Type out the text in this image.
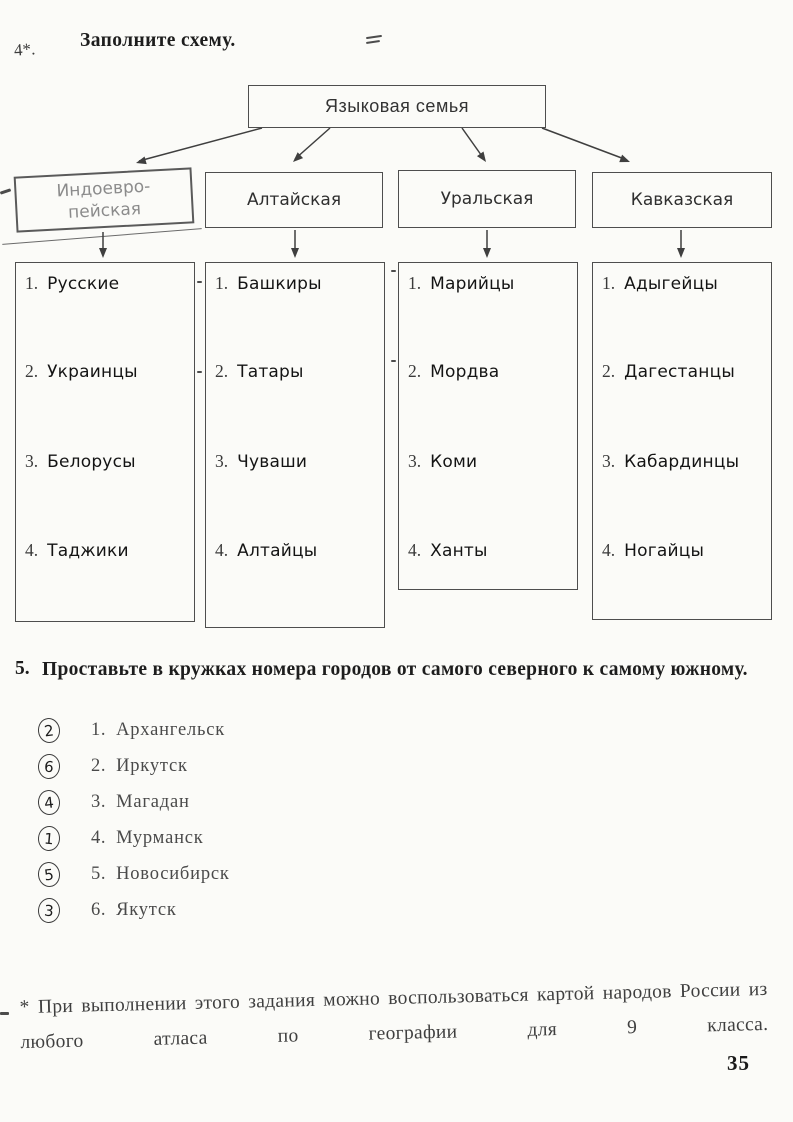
4*. Заполните схему.
Языковая семья
Индоевро-пейская	Алтайская	Уральская	Кавказская
1. Русские
2. Украинцы
3. Белорусы
4. Таджики
1. Башкиры
2. Татары
3. Чуваши
4. Алтайцы
1. Марийцы
2. Мордва
3. Коми
4. Ханты
1. Адыгейцы
2. Дагестанцы
3. Кабардинцы
4. Ногайцы
5. Проставьте в кружках номера городов от самого северного к самому южному.
2	1. Архангельск
6	2. Иркутск
4	3. Магадан
1	4. Мурманск
5	5. Новосибирск
3	6. Якутск
* При выполнении этого задания можно воспользоваться картой народов России из любого атласа по географии для 9 класса.
35
